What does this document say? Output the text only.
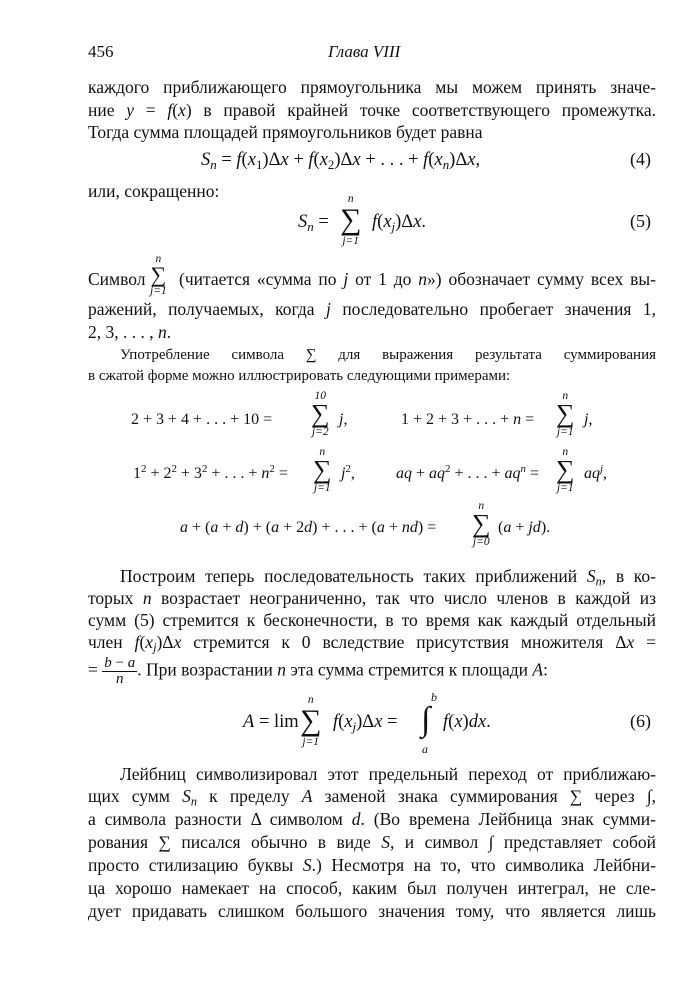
456	Глава VIII
каждого приближающего прямоугольника мы можем принять значе-
ние y = f(x) в правой крайней точке соответствующего промежутка.
Тогда сумма площадей прямоугольников будет равна
$S_n = f(x_1)\Delta x + f(x_2)\Delta x$ + . . . + $f(x_n)\Delta x$,	(4)
или, сокращенно:
$S_n$ =
n
∑
j=1
$f(x_j)\Delta x$.	(5)
Символ
n
∑
j=1
(читается «сумма по j от 1 до n») обозначает сумму всех вы-
ражений, получаемых, когда j последовательно пробегает значения 1,
2, 3, . . . , n.
Употребление символа ∑ для выражения результата суммирования
в сжатой форме можно иллюстрировать следующими примерами:
2 + 3 + 4 + . . . + 10 =
10
∑
j=2
j,	1 + 2 + 3 + . . . + n =
n
∑
j=1
j,
$1^2 + 2^2 + 3^2$ + . . . + $n^2$ =
n
∑
j=1
$j^2$,	aq + $aq^2$ + . . . + $aq^n$ =
n
∑
j=1
$aq^j$,
a + (a + d) + (a + 2d) + . . . + (a + nd) =
n
∑
j=0
(a + jd).
Построим теперь последовательность таких приближений $S_n$, в ко-
торых n возрастает неограниченно, так что число членов в каждой из
сумм (5) стремится к бесконечности, в то время как каждый отдельный
член $f(x_j)\Delta x$ стремится к 0 вследствие присутствия множителя Δx =
= $\frac{b - a}{n}$ . При возрастании n эта сумма стремится к площади A:
A = lim
n
∑
j=1
$f(x_j)\Delta x$ =
b
∫
a
f(x)dx.	(6)
Лейбниц символизировал этот предельный переход от приближаю-
щих сумм $S_n$ к пределу A заменой знака суммирования ∑ через ∫,
а символа разности Δ символом d. (Во времена Лейбница знак сумми-
рования ∑ писался обычно в виде S, и символ ∫ представляет собой
просто стилизацию буквы S.) Несмотря на то, что символика Лейбни-
ца хорошо намекает на способ, каким был получен интеграл, не сле-
дует придавать слишком большого значения тому, что является лишь
